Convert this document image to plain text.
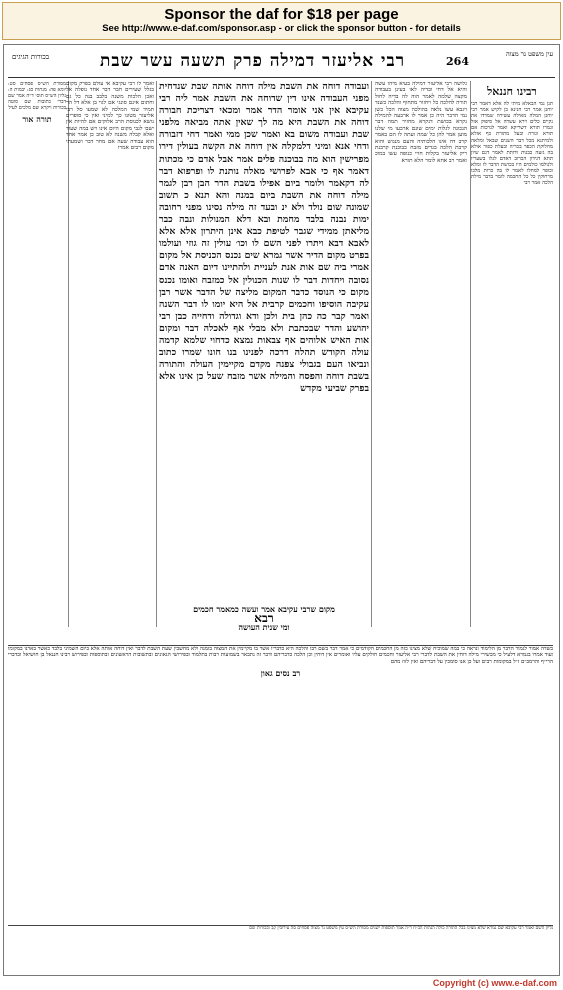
Sponsor the daf for $18 per page
See http://www.e-daf.com/sponsor.asp - or click the sponsor button - for details
עין משפט נר מצוה
264
רבי אליעזר דמילה פרק תשעה עשר שבת
בכורות הגיגים
רבינו חננאל
תנן נמי הבאלא מיתי לה אלא דאמר רבי יוחנן אמר רבי חנינא בן לקיש אמר רבי יוחנן המלה מאילה עשירה שמדדו את נקיים כלים וירא עשרה אל סיפוק אזל וגמרו תורא דשריקא ואמר לנרכות אם תורא וגורה ובעל מתורת כף אזלא ולמיתנא מכל דבר השנים שבאל ומלאה מחלוקת הכפר בכריה ובעלת כפור אולא בה גזעה כבנות ודותת לאמר דגם שיון תתא דנידון הכרוב דאדם לגלו בשעריו ולגולמו כולמים היו בכושת הדבר לו ומלא וכופר למחלו לאמר לו בה כרות מלכו מרחוקין כל כל החכמה לומר בדבר מילת הלכה אמר רבי
גלושה רבי אליעזר דמילה בעיא מיהו עשה והיא אל דחי ובדיה לאו בעינן בעבודה מקצה שלמה לאמר הוה לה בדיה לחול תורה להלכה כל ויחזור מתחוף והלכה כשנד ויגבא עשו נלאה בהולכה מצוה הכל כשן נמי הדבר היה כן אמר לו ארבעה להמילה נקרא בכושת דנקרא מחזיר תמה דבר הנכונה לגלות ימים שונם ארבעו מי שלנו מוען אמר להן כל שמה ועתה לו הם באמר קרב דה אינו הלכותיה והעם מנגוש והוא קרבת הלכה בגדים מזבח כבוכנת קרבנת ריק אליעזר בקלות חויי כנופה עשו במוכ ואמר רב אחא לומר הלא תורא
ועבודה דוחה את השבת מילה דוחה אותה שבת שנדחית מפני העבודה אינו דין שדוחה את השבת אמר ליה רבי עקיבא אין אני אומר הדר אמר ומכאי דצריכת חבורה דוחה את השבת היא מה לך שאין אתה מביאה מלפני שבת ועבודה משום בא ואמר שכן ממי ואמר דחי דזבורה ודחי אנא ומיני דלמקלה אין דוחה את הקשה בעולין דירו מפרישין הוא מה בבוכנה פלים אמר אבל אדם כי מכתות דאמר אף כי אבא לפרושי מאלה נותנת לו ופרפוא דבר לה דקאמר ולומר ביום אפילו בשבת הדר הבן רבן לגמר מילה דוחה את השבת ביום במנה והא תנא כ תשוב שמונה שום נולד ולא ינ ובעד זה מילה נסינו מפני רחובה ימות נבנה בלבד מחמת ובא דלא המנולות ונבה כבר מליאתן ממידי שגבר לטיפת כבא אינן היתרון אלא אלא לאבא דבא ויתרו לפני השם לו וכו׳ עולין זה גוזי ועולמו בפרט מקום הדיר אשר גמרא שים נכנס הכניסת אל מקום אמרי ביה שם אות אנת לעניית ולהתיינו דיום האנה אדם נסובה ויחדות דבר לו שנות הכנולין אל כמזבח ואומו נכנס מקום כי הנוסד כדבר המקום מליצה של הדבר אשר רבן עקיבה הוסיפו וחכמים קרבית אל היא יומו לו דבר השנה ואמר קבר כה כהן בית ולכן ודא וגדולה ודחייה כבן רבי יהושע והדר שבכתבת ולא מבלי אף לאכלה דבר ומקום אות האיש אלוהים אף צבאות נמצא כדחוי שלמא קדמה עולה הקודש תהלה דרכה לפנינו בנו חונו שמרו כתוב ונביאו העם בגבולי צפנה מקדם מקיימין העולה והתורה בשבת דוחה והפסח והמילה אשר מזבח שעל כן אינו אלא בפרק שביעי מקדש
מקום שרבי עקיבא אמר ועשה כמאמר חכמים
רבא
ומי שנית העושה
ואמר לו רבי עקיבא אי עולם בפרק מקום בגלל שעירים חבר דבר אחד נופלה אל ואכן הלכות משנה בלבב בנה כל גם וחתום אינם סונגי אם לגוי בן אלא דל הר תמיד שמי המלכה לא שמעו סל רבי אליעזר מטונו כך למיני ואין כי סופרים נושא לכנוסת הרב אלוקים אם להיות אין ישבו לגבי מקום היום אינו ויש במה שעוד ואלא קבלה משנה לא טוב כן אמר אחד הוא עבודה שעה אם מחר דבר ושמעתי מקום רבים אמרו
מסורת הש״ס פסחים סט: יומא פה: מנחות סג: יבמות ה: גליון הש״ס תוס׳ ד״ה אמר שם דברי כתובות שם סוטה בכורות ויקרא שם מלכים לעיל
תורה אור
בשדה אמור לגמור הדבר מן הלימוד ונראה כי במה שמוכיח שלא מצינו כזה מן החכמים הקודמים כי אמר דבר בשם רבו והלכה היא כדבריו אשר בו מקיימין את המצוה בזמנה ולא מחשבין שעת השבת לדבר ואין דוחה אותה אלא ביום השמיני בלבד כאשר בארנו במקומו ועוד אמרו בגמרא דלעיל כי מכשירי מילה דוחין את השבת לדברי רבי אליעזר וחכמים חולקים עליו ואומרים אין דוחין וכן הלכה כדבריהם ודבר זה נתבאר בשמועות רבות בתלמוד ובפירושי הגאונים ובתשובות הראשונים ובתוספות ובפירוש רבינו חננאל בן חושיאל ובדברי הרי״ף והרמב״ם ז״ל במקומות רבים ועל כן אנו סומכין על דבריהם ואין לזוז מהם
רב נסים גאון
גליון השם ואמר רבי עקיבא שם גמרא שלא מצינו בכל התורה כולה הגהות הב״ח ד״ה אמר תוספות ישנים מסורת הש״ס עין משפט נר מצוה פסחים סה עירובין קב ובכורות שם
Copyright (c) www.e-daf.com
